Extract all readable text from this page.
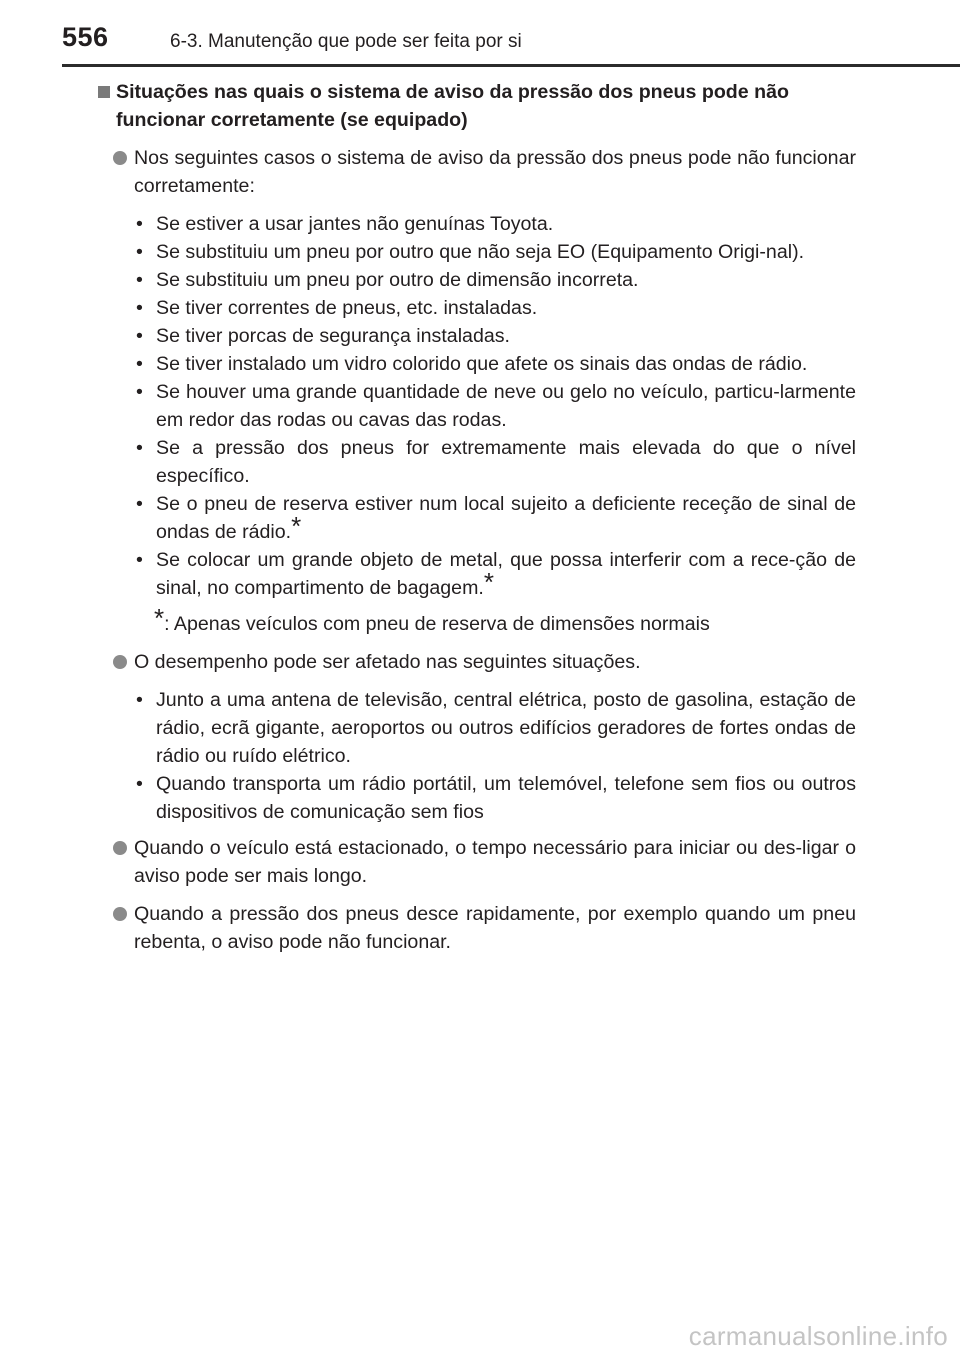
556	6-3. Manutenção que pode ser feita por si
Situações nas quais o sistema de aviso da pressão dos pneus pode não funcionar corretamente (se equipado)
Nos seguintes casos o sistema de aviso da pressão dos pneus pode não funcionar corretamente:
• Se estiver a usar jantes não genuínas Toyota.
• Se substituiu um pneu por outro que não seja EO (Equipamento Origi-nal).
• Se substituiu um pneu por outro de dimensão incorreta.
• Se tiver correntes de pneus, etc. instaladas.
• Se tiver porcas de segurança instaladas.
• Se tiver instalado um vidro colorido que afete os sinais das ondas de rádio.
• Se houver uma grande quantidade de neve ou gelo no veículo, particu-larmente em redor das rodas ou cavas das rodas.
• Se a pressão dos pneus for extremamente mais elevada do que o nível específico.
• Se o pneu de reserva estiver num local sujeito a deficiente receção de sinal de ondas de rádio.*
• Se colocar um grande objeto de metal, que possa interferir com a rece-ção de sinal, no compartimento de bagagem.*
*: Apenas veículos com pneu de reserva de dimensões normais
O desempenho pode ser afetado nas seguintes situações.
• Junto a uma antena de televisão, central elétrica, posto de gasolina, estação de rádio, ecrã gigante, aeroportos ou outros edifícios geradores de fortes ondas de rádio ou ruído elétrico.
• Quando transporta um rádio portátil, um telemóvel, telefone sem fios ou outros dispositivos de comunicação sem fios
Quando o veículo está estacionado, o tempo necessário para iniciar ou des-ligar o aviso pode ser mais longo.
Quando a pressão dos pneus desce rapidamente, por exemplo quando um pneu rebenta, o aviso pode não funcionar.
carmanualsonline.info
